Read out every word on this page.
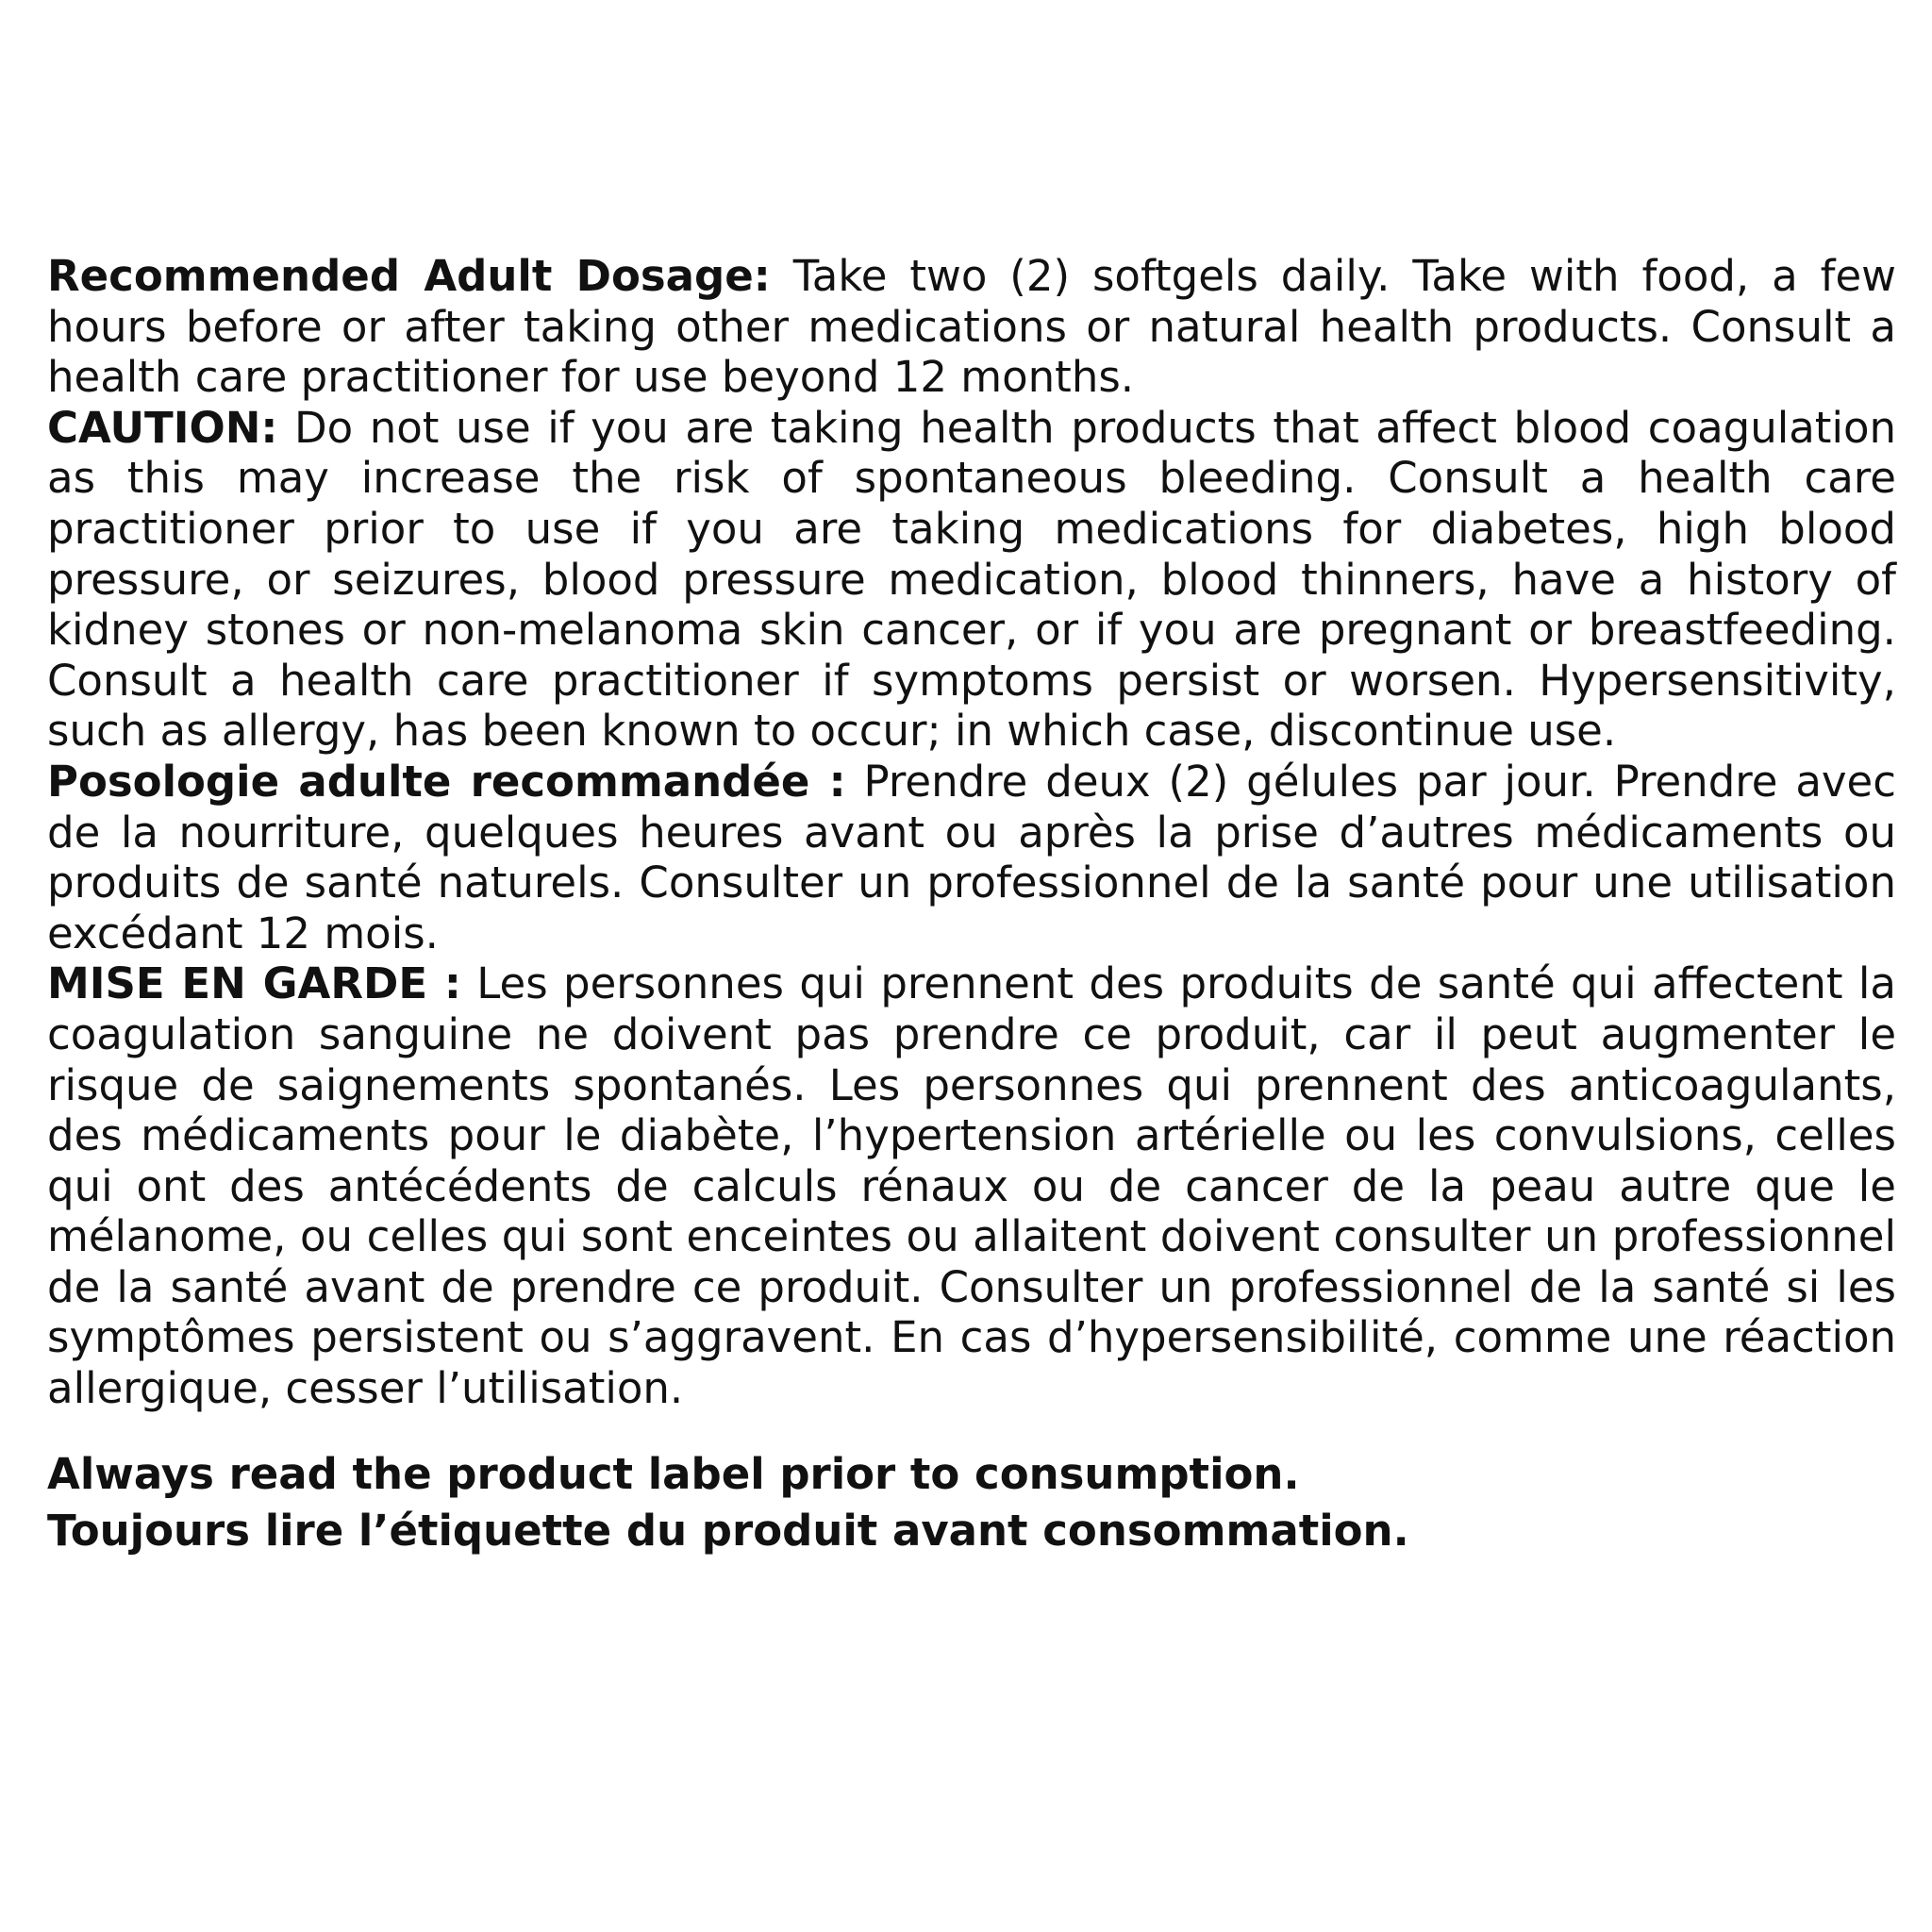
Recommended Adult Dosage: Take two (2) softgels daily. Take with food, a few hours before or after taking other medications or natural health products. Consult a health care practitioner for use beyond 12 months.

CAUTION: Do not use if you are taking health products that affect blood coagulation as this may increase the risk of spontaneous bleeding. Consult a health care practitioner prior to use if you are taking medications for diabetes, high blood pressure, or seizures, blood pressure medication, blood thinners, have a history of kidney stones or non-melanoma skin cancer, or if you are pregnant or breastfeeding. Consult a health care practitioner if symptoms persist or worsen. Hypersensitivity, such as allergy, has been known to occur; in which case, discontinue use.

Posologie adulte recommandée : Prendre deux (2) gélules par jour. Prendre avec de la nourriture, quelques heures avant ou après la prise d’autres médicaments ou produits de santé naturels. Consulter un professionnel de la santé pour une utilisation excédant 12 mois.

MISE EN GARDE : Les personnes qui prennent des produits de santé qui affectent la coagulation sanguine ne doivent pas prendre ce produit, car il peut augmenter le risque de saignements spontanés. Les personnes qui prennent des anticoagulants, des médicaments pour le diabète, l’hypertension artérielle ou les convulsions, celles qui ont des antécédents de calculs rénaux ou de cancer de la peau autre que le mélanome, ou celles qui sont enceintes ou allaitent doivent consulter un professionnel de la santé avant de prendre ce produit. Consulter un professionnel de la santé si les symptômes persistent ou s’aggravent. En cas d’hypersensibilité, comme une réaction allergique, cesser l’utilisation.

Always read the product label prior to consumption.

Toujours lire l’étiquette du produit avant consommation.
